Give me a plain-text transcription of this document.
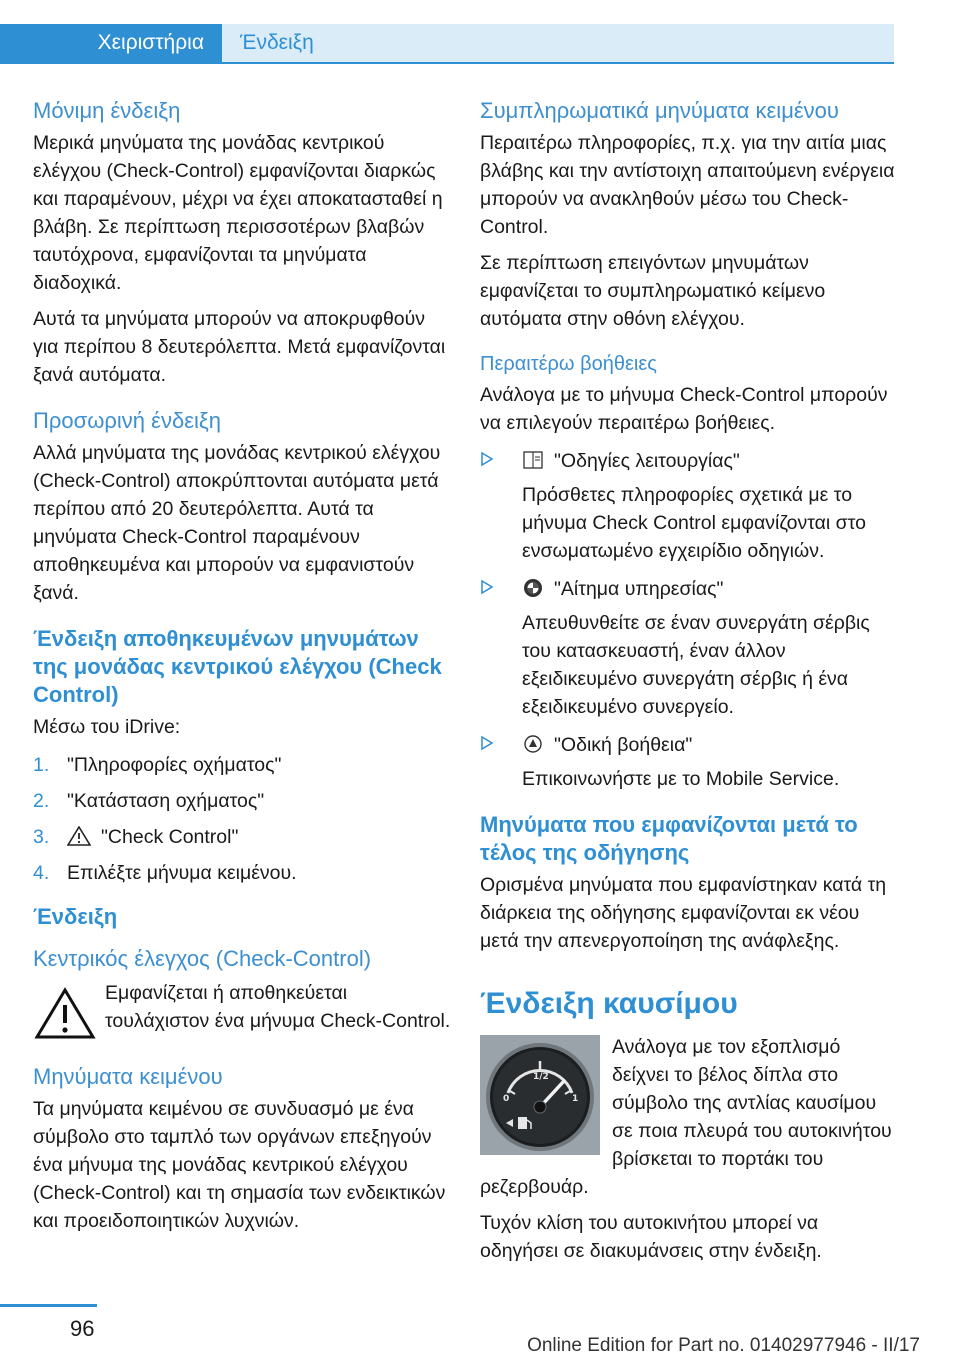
Χειριστήρια	Ένδειξη
Μόνιμη ένδειξη

Μερικά μηνύματα της μονάδας κεντρικού ελέγχου (Check-Control) εμφανίζονται διαρκώς και παραμένουν, μέχρι να έχει αποκατασταθεί η βλάβη. Σε περίπτωση περισσοτέρων βλαβών ταυτόχρονα, εμφανίζονται τα μηνύματα διαδοχικά.

Αυτά τα μηνύματα μπορούν να αποκρυφθούν για περίπου 8 δευτερόλεπτα. Μετά εμφανίζονται ξανά αυτόματα.

Προσωρινή ένδειξη

Αλλά μηνύματα της μονάδας κεντρικού ελέγχου (Check-Control) αποκρύπτονται αυτόματα μετά περίπου από 20 δευτερόλεπτα. Αυτά τα μηνύματα Check-Control παραμένουν αποθηκευμένα και μπορούν να εμφανιστούν ξανά.

Ένδειξη αποθηκευμένων μηνυμάτων της μονάδας κεντρικού ελέγχου (Check Control)

Μέσω του iDrive:

1. "Πληροφορίες οχήματος"
2. "Κατάσταση οχήματος"
3.	"Check Control"
4. Επιλέξτε μήνυμα κειμένου.
Ένδειξη
Κεντρικός έλεγχος (Check-Control)

Εμφανίζεται ή αποθηκεύεται τουλάχιστον ένα μήνυμα Check-Control.

Μηνύματα κειμένου

Τα μηνύματα κειμένου σε συνδυασμό με ένα σύμβολο στο ταμπλό των οργάνων επεξηγούν ένα μήνυμα της μονάδας κεντρικού ελέγχου (Check-Control) και τη σημασία των ενδεικτικών και προειδοποιητικών λυχνιών.

Συμπληρωματικά μηνύματα κειμένου

Περαιτέρω πληροφορίες, π.χ. για την αιτία μιας βλάβης και την αντίστοιχη απαιτούμενη ενέργεια μπορούν να ανακληθούν μέσω του Check-Control.

Σε περίπτωση επειγόντων μηνυμάτων εμφανίζεται το συμπληρωματικό κείμενο αυτόματα στην οθόνη ελέγχου.

Περαιτέρω βοήθειες

Ανάλογα με το μήνυμα Check-Control μπορούν να επιλεγούν περαιτέρω βοήθειες.

"Οδηγίες λειτουργίας"

Πρόσθετες πληροφορίες σχετικά με το μήνυμα Check Control εμφανίζονται στο ενσωματωμένο εγχειρίδιο οδηγιών.

"Αίτημα υπηρεσίας"

Απευθυνθείτε σε έναν συνεργάτη σέρβις του κατασκευαστή, έναν άλλον εξειδικευμένο συνεργάτη σέρβις ή ένα εξειδικευμένο συνεργείο.

"Οδική βοήθεια"

Επικοινωνήστε με το Mobile Service.

Μηνύματα που εμφανίζονται μετά το τέλος της οδήγησης

Ορισμένα μηνύματα που εμφανίστηκαν κατά τη διάρκεια της οδήγησης εμφανίζονται εκ νέου μετά την απενεργοποίηση της ανάφλεξης.

Ένδειξη καυσίμου
0
1/2
1

Ανάλογα με τον εξοπλισμό δείχνει το βέλος δίπλα στο σύμβολο της αντλίας καυσίμου σε ποια πλευρά του αυτοκινήτου βρίσκεται το πορτάκι του ρεζερβουάρ.

Τυχόν κλίση του αυτοκινήτου μπορεί να οδηγήσει σε διακυμάνσεις στην ένδειξη.

96
Online Edition for Part no. 01402977946 - II/17
